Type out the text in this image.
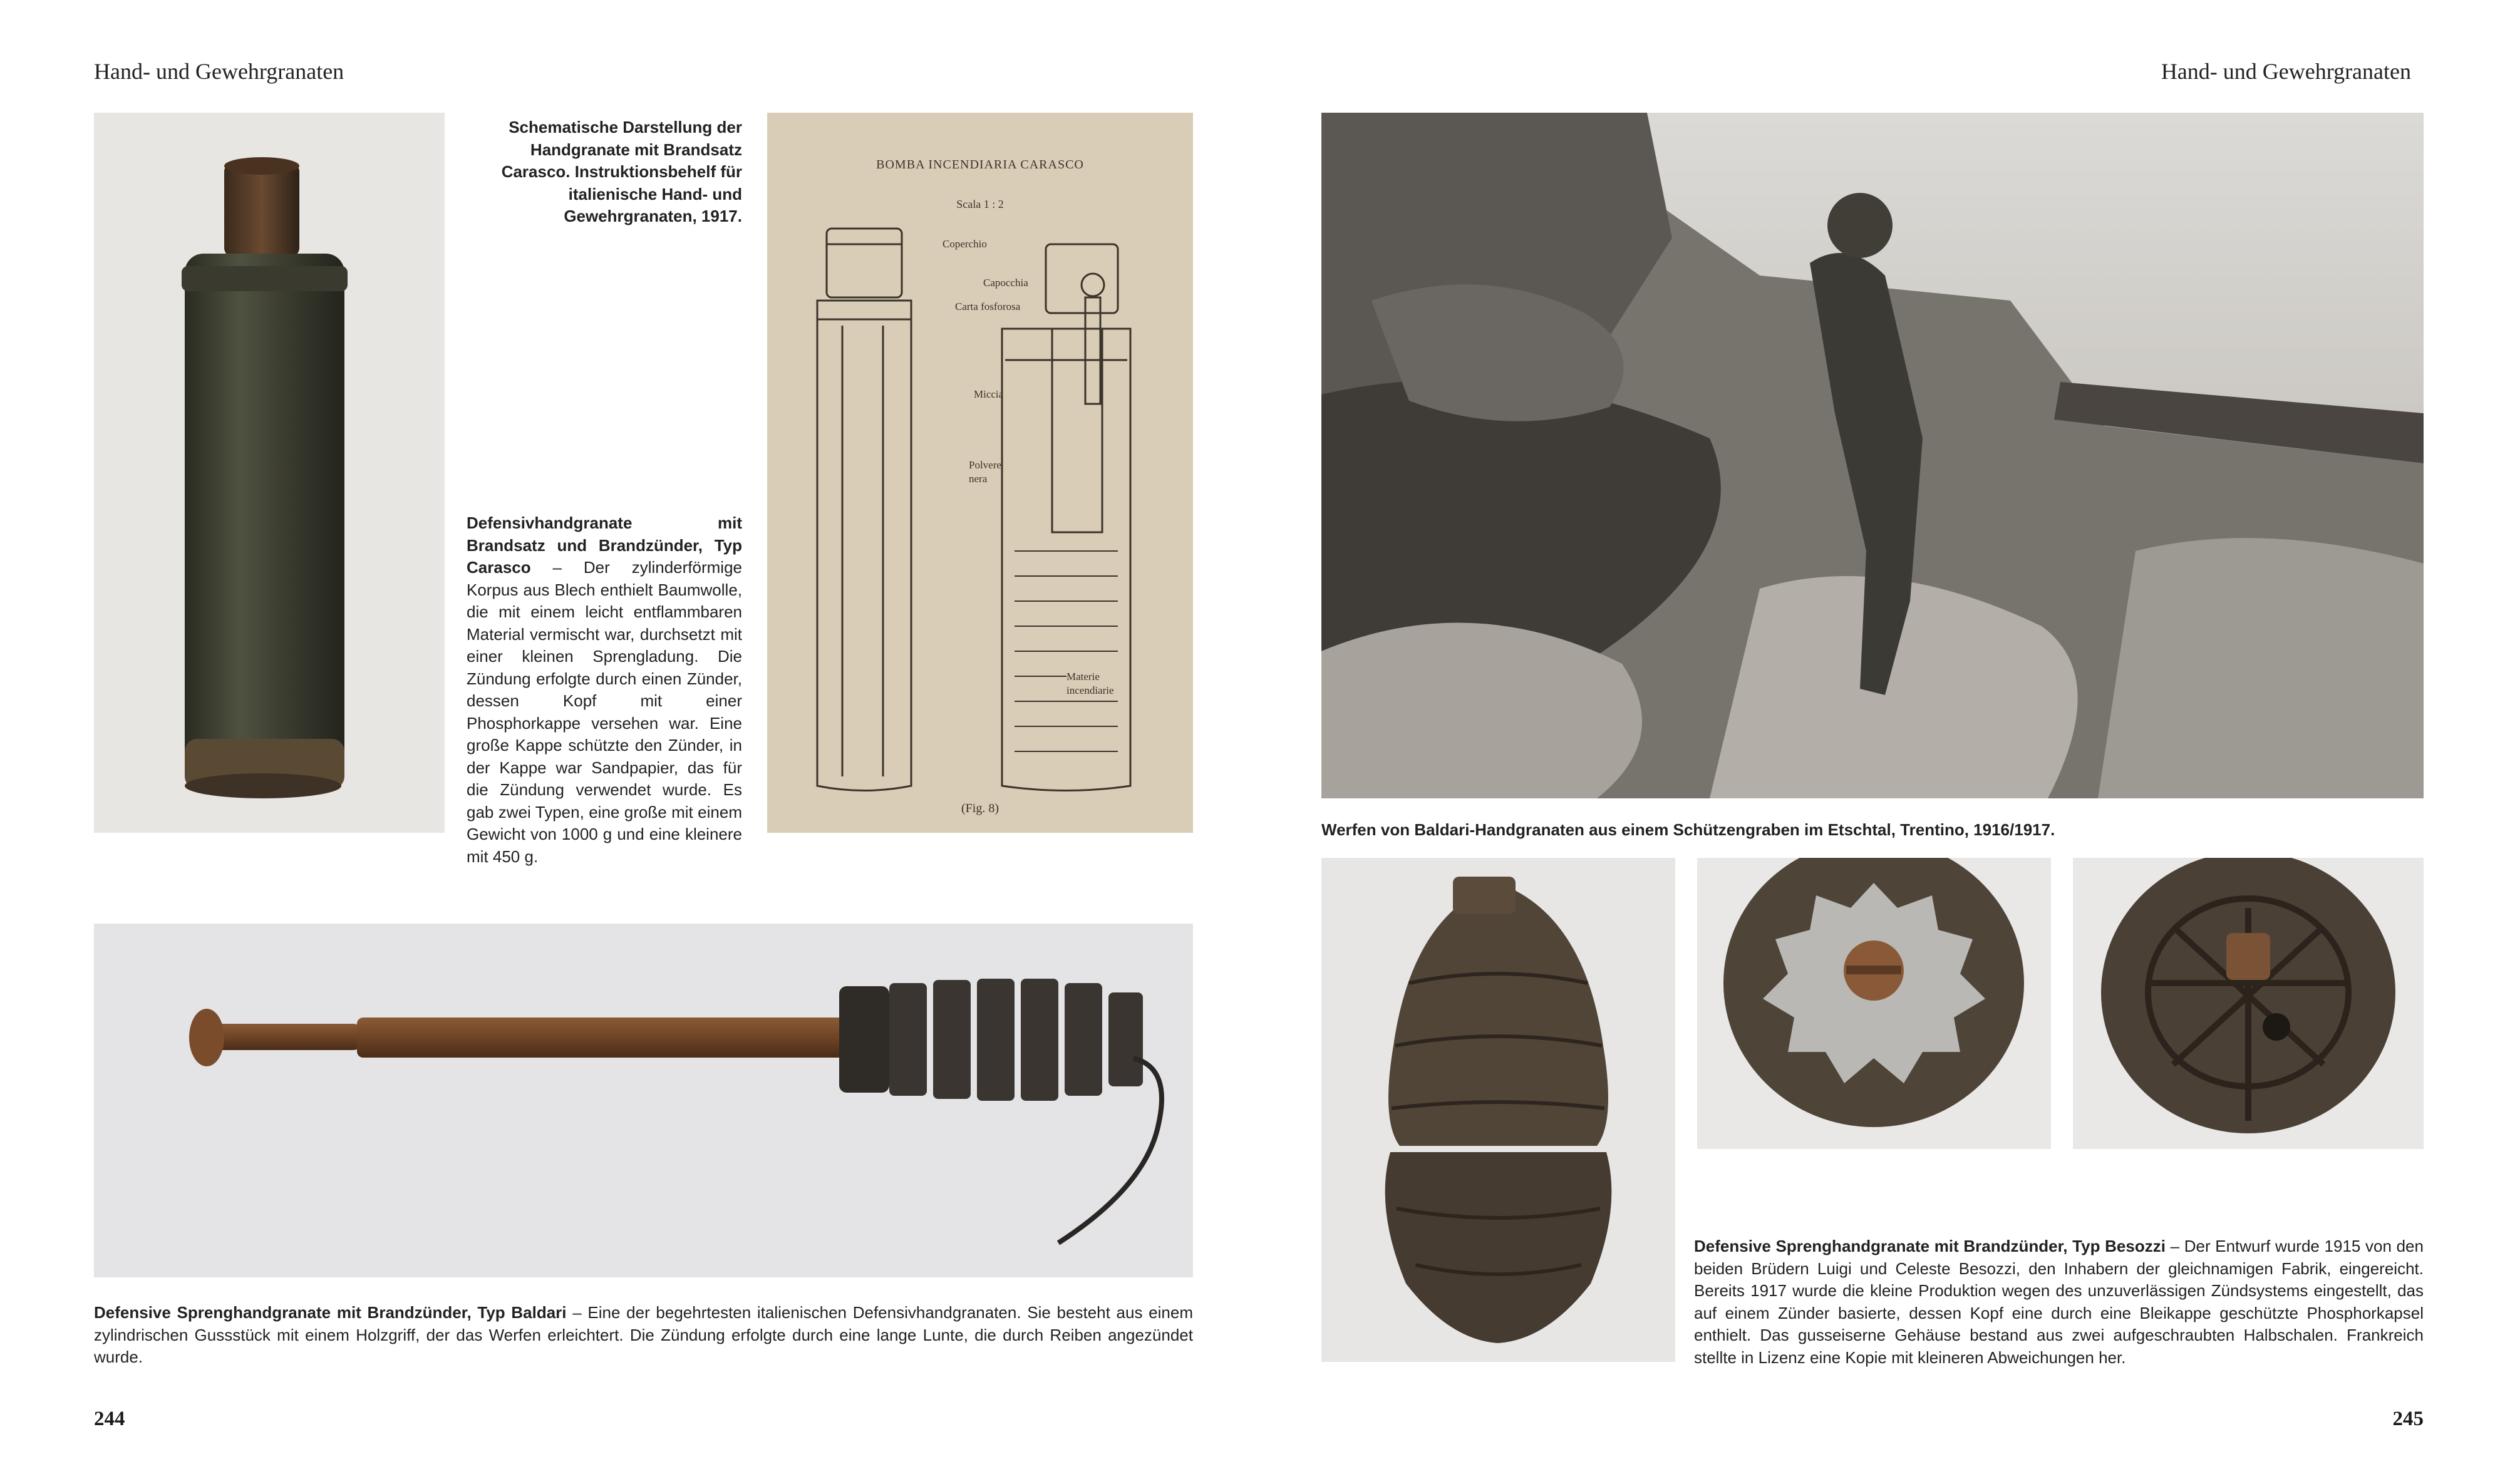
Hand- und Gewehrgranaten
Schematische Darstellung der Handgranate mit Brandsatz Carasco. Instruktionsbehelf für italienische Hand- und Gewehrgranaten, 1917.
Defensivhandgranate mit Brandsatz und Brandzünder, Typ Carasco – Der zylinderförmige Korpus aus Blech enthielt Baumwolle, die mit einem leicht entflammbaren Material vermischt war, durchsetzt mit einer kleinen Sprengladung. Die Zündung erfolgte durch einen Zünder, dessen Kopf mit einer Phosphorkappe versehen war. Eine große Kappe schützte den Zünder, in der Kappe war Sandpapier, das für die Zündung verwendet wurde. Es gab zwei Typen, eine große mit einem Gewicht von 1000 g und eine kleinere mit 450 g.
BOMBA INCENDIARIA CARASCO
Scala 1 : 2
Coperchio
Capocchia
Carta fosforosa
Miccia
Polvere nera
Materie incendiarie
(Fig. 8)
Defensive Sprenghandgranate mit Brandzünder, Typ Baldari – Eine der begehrtesten italienischen Defensivhandgranaten. Sie besteht aus einem zylindrischen Gussstück mit einem Holzgriff, der das Werfen erleichtert. Die Zündung erfolgte durch eine lange Lunte, die durch Reiben angezündet wurde.
244
Hand- und Gewehrgranaten
Werfen von Baldari-Handgranaten aus einem Schützengraben im Etschtal, Trentino, 1916/1917.
Defensive Sprenghandgranate mit Brandzünder, Typ Besozzi – Der Entwurf wurde 1915 von den beiden Brüdern Luigi und Celeste Besozzi, den Inhabern der gleichnamigen Fabrik, eingereicht. Bereits 1917 wurde die kleine Produktion wegen des unzuverlässigen Zündsystems eingestellt, das auf einem Zünder basierte, dessen Kopf eine durch eine Bleikappe geschützte Phosphorkapsel enthielt. Das gusseiserne Gehäuse bestand aus zwei aufgeschraubten Halbschalen. Frankreich stellte in Lizenz eine Kopie mit kleineren Abweichungen her.
245
